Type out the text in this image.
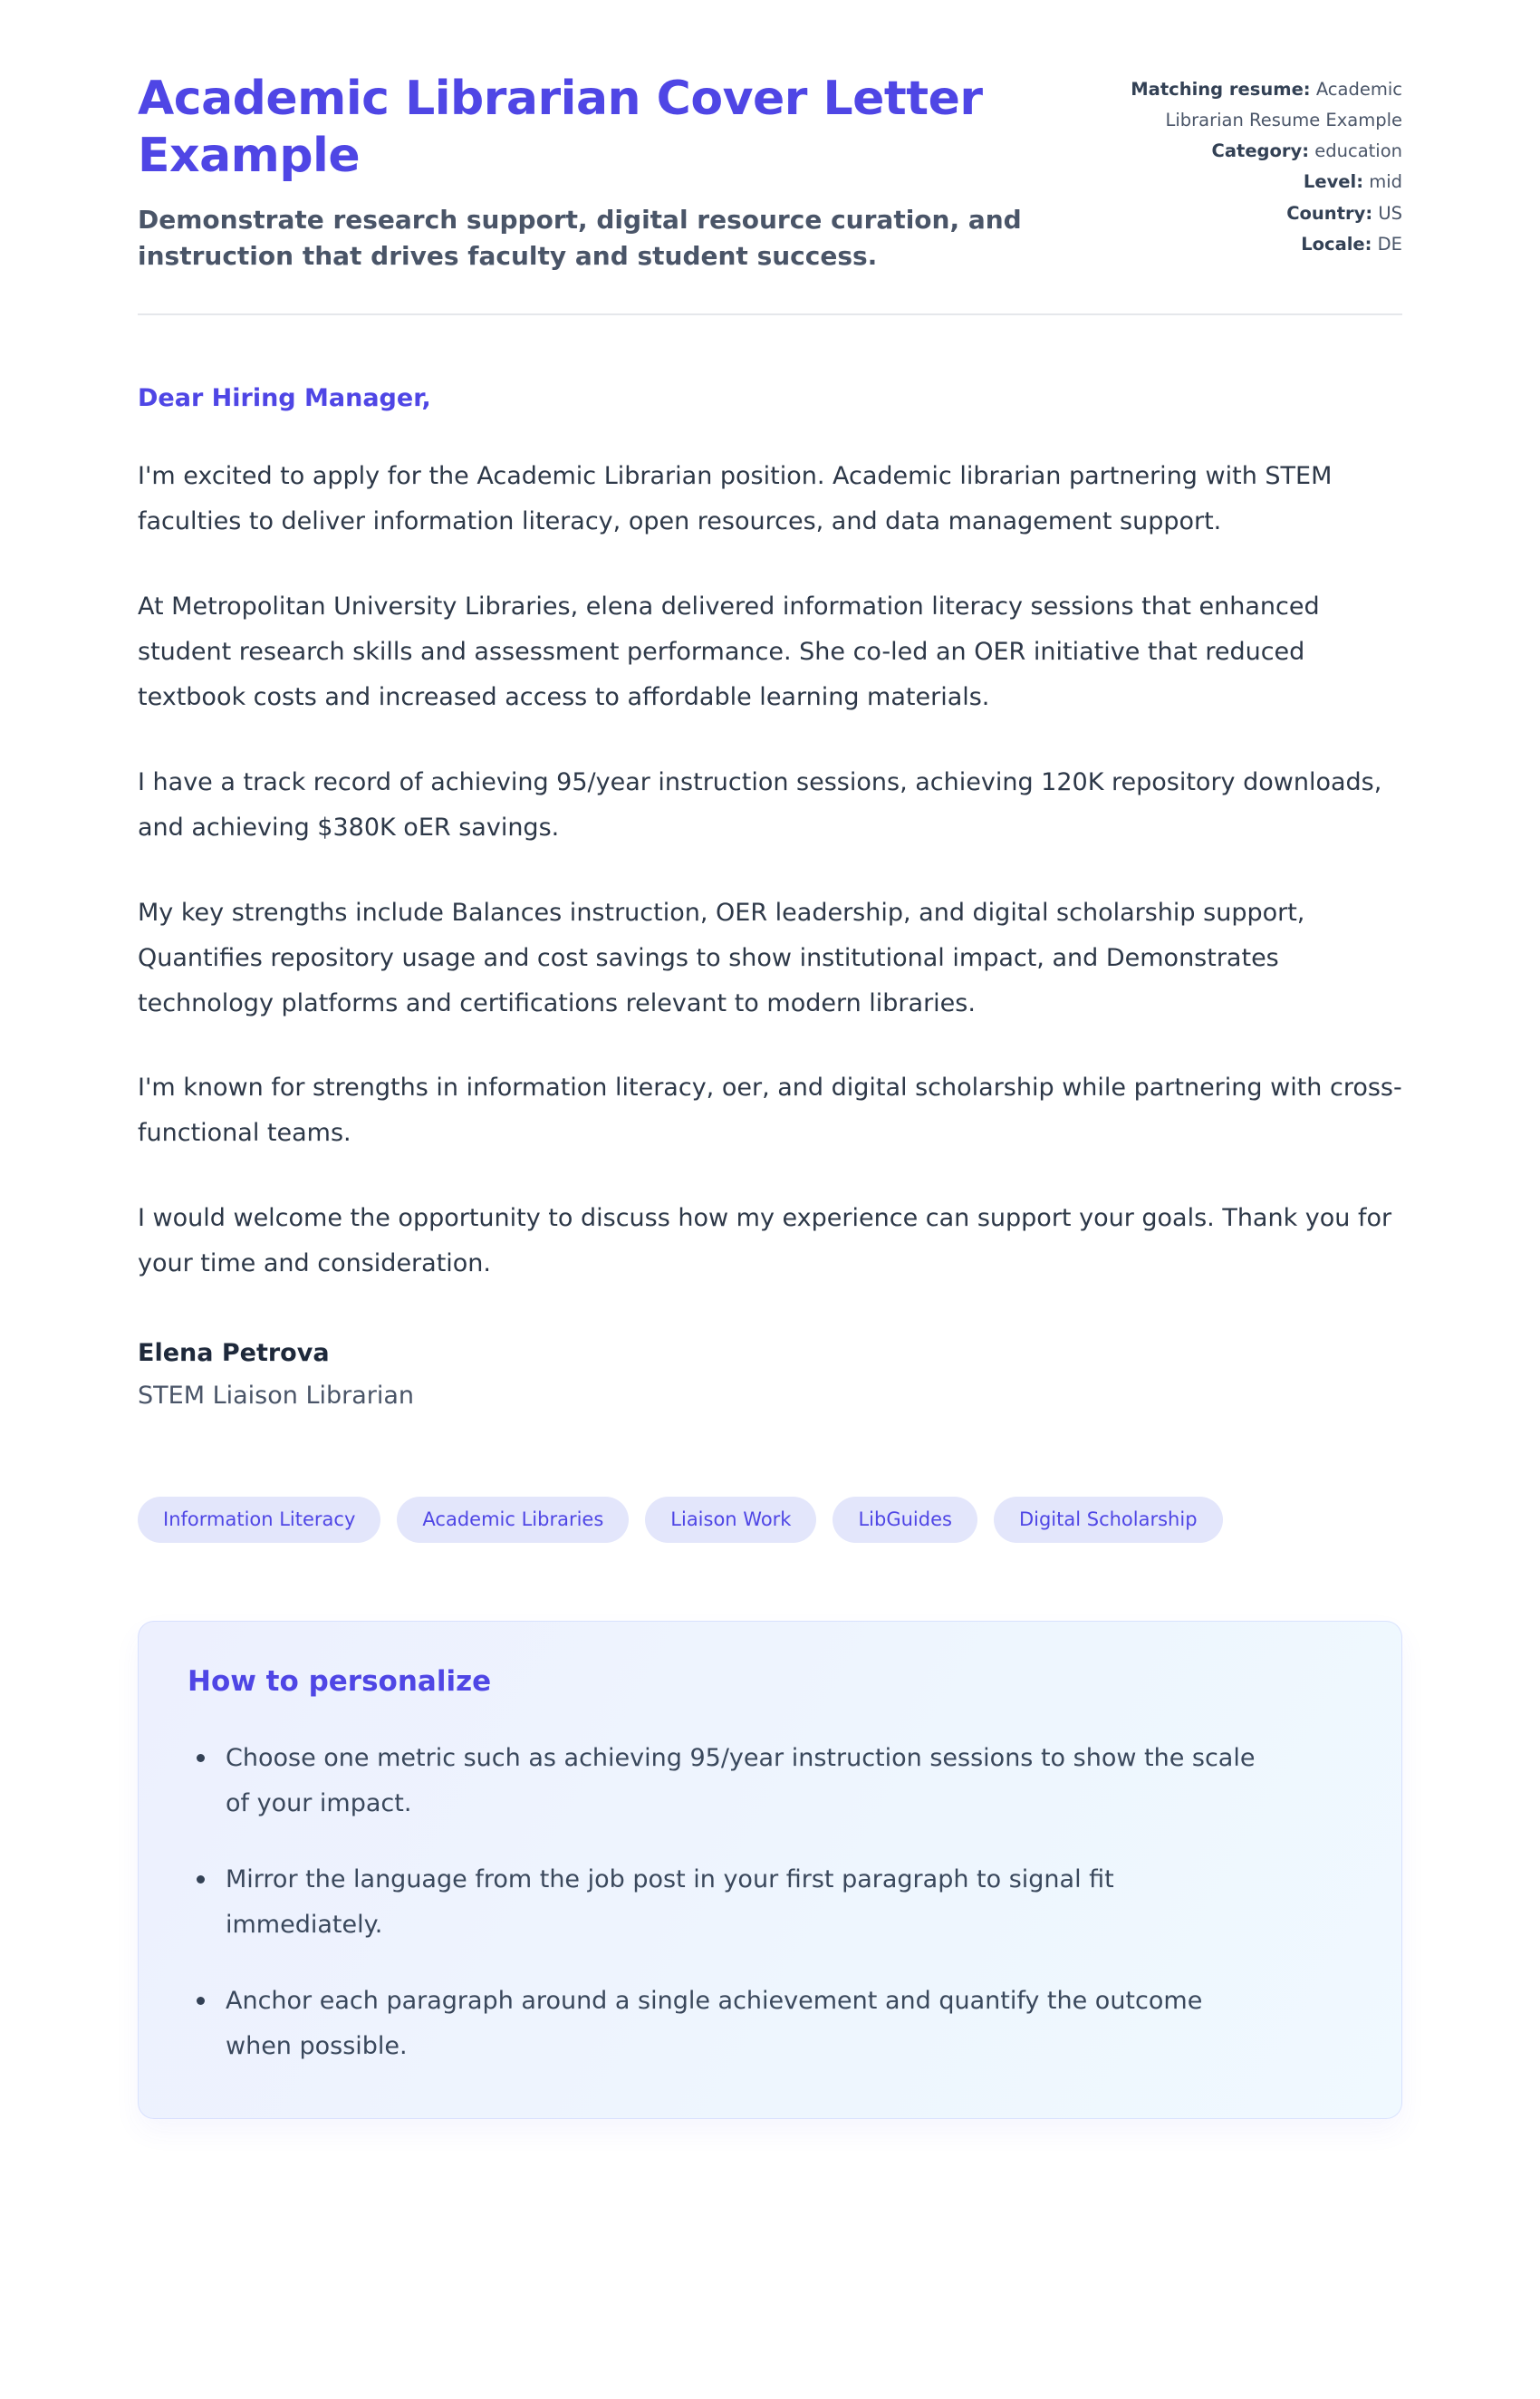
Academic Librarian Cover Letter Example

Demonstrate research support, digital resource curation, and instruction that drives faculty and student success.

Matching resume: Academic Librarian Resume Example
Category: education
Level: mid
Country: US
Locale: DE

Dear Hiring Manager,

I'm excited to apply for the Academic Librarian position. Academic librarian partnering with STEM faculties to deliver information literacy, open resources, and data management support.

At Metropolitan University Libraries, elena delivered information literacy sessions that enhanced student research skills and assessment performance. She co-led an OER initiative that reduced textbook costs and increased access to affordable learning materials.

I have a track record of achieving 95/year instruction sessions, achieving 120K repository downloads, and achieving $380K oER savings.

My key strengths include Balances instruction, OER leadership, and digital scholarship support, Quantifies repository usage and cost savings to show institutional impact, and Demonstrates technology platforms and certifications relevant to modern libraries.

I'm known for strengths in information literacy, oer, and digital scholarship while partnering with cross-functional teams.

I would welcome the opportunity to discuss how my experience can support your goals. Thank you for your time and consideration.

Elena Petrova

STEM Liaison Librarian

Information Literacy	Academic Libraries	Liaison Work	LibGuides	Digital Scholarship
How to personalize
Choose one metric such as achieving 95/year instruction sessions to show the scale of your impact.
Mirror the language from the job post in your first paragraph to signal fit immediately.
Anchor each paragraph around a single achievement and quantify the outcome when possible.
